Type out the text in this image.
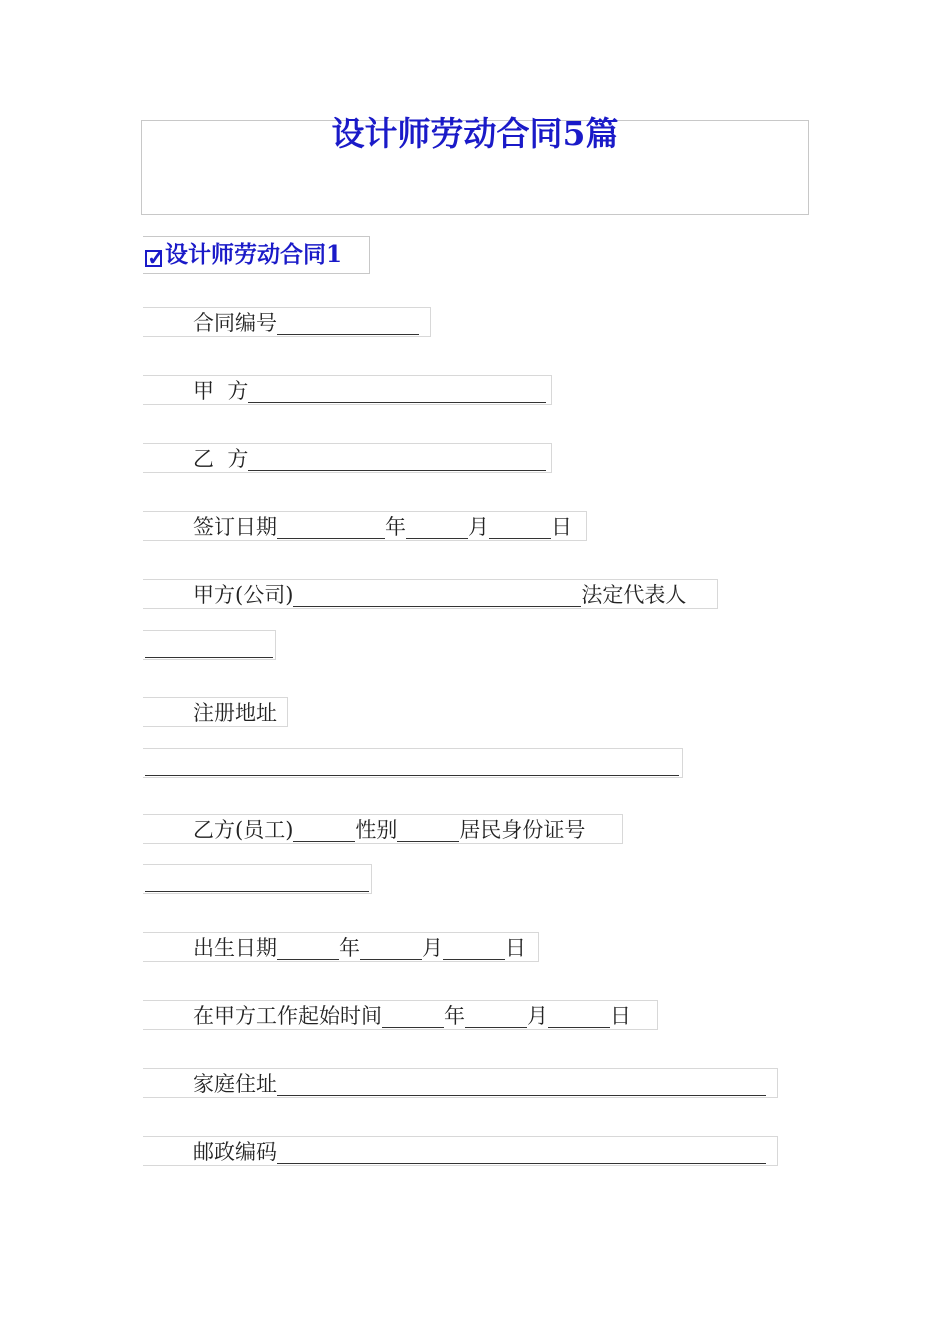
设计师劳动合同5篇
✓
设计师劳动合同1
合同编号
甲  方
乙  方
签订日期	年	月	日
甲方(公司)	法定代表人
注册地址
乙方(员工)	性别	居民身份证号
出生日期	年	月	日
在甲方工作起始时间	年	月	日
家庭住址
邮政编码
